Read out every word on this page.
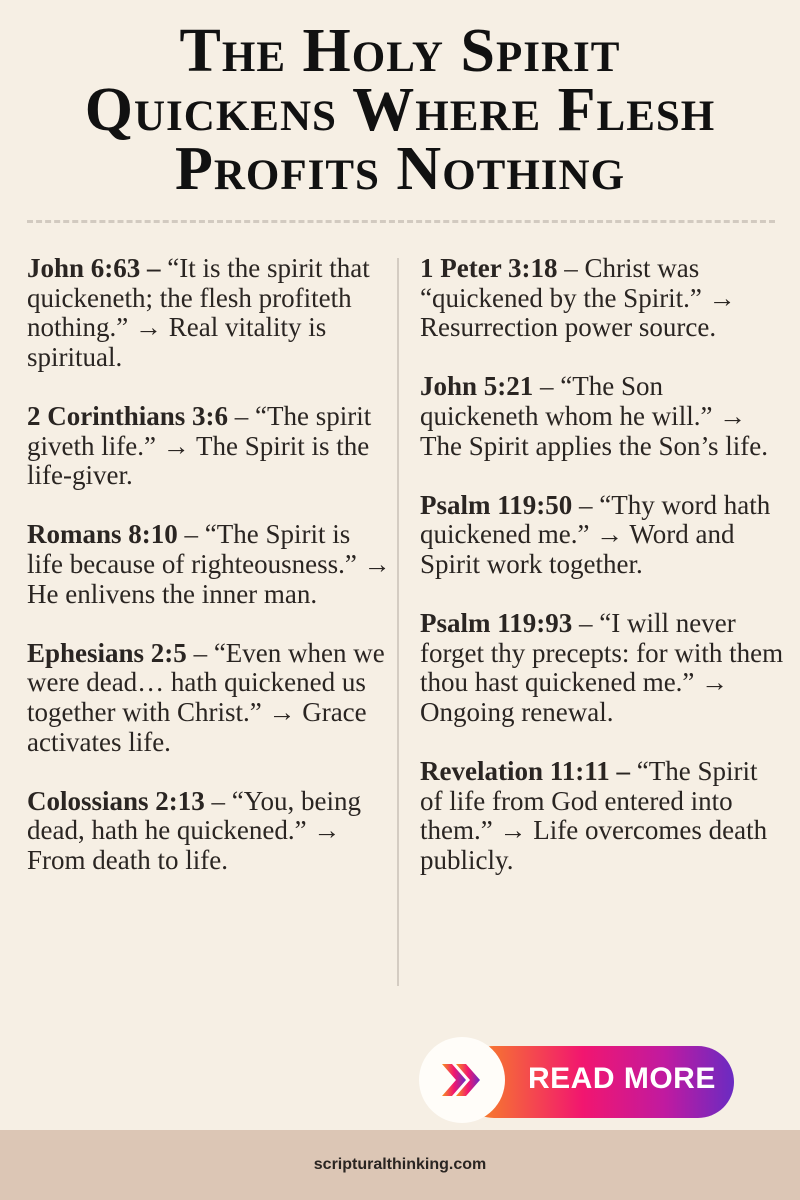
The Holy Spirit
Quickens Where Flesh
Profits Nothing

John 6:63 – “It is the spirit that quickeneth; the flesh profiteth nothing.” → Real vitality is spiritual.

2 Corinthians 3:6 – “The spirit giveth life.” → The Spirit is the life-giver.

Romans 8:10 – “The Spirit is life because of righteousness.” → He enlivens the inner man.

Ephesians 2:5 – “Even when we were dead… hath quickened us together with Christ.” → Grace activates life.

Colossians 2:13 – “You, being dead, hath he quickened.” → From death to life.

1 Peter 3:18 – Christ was “quickened by the Spirit.” → Resurrection power source.

John 5:21 – “The Son quickeneth whom he will.” → The Spirit applies the Son’s life.

Psalm 119:50 – “Thy word hath quickened me.” → Word and Spirit work together.

Psalm 119:93 – “I will never forget thy precepts: for with them thou hast quickened me.” → Ongoing renewal.

Revelation 11:11 – “The Spirit of life from God entered into them.” → Life overcomes death publicly.

READ MORE
scripturalthinking.com
